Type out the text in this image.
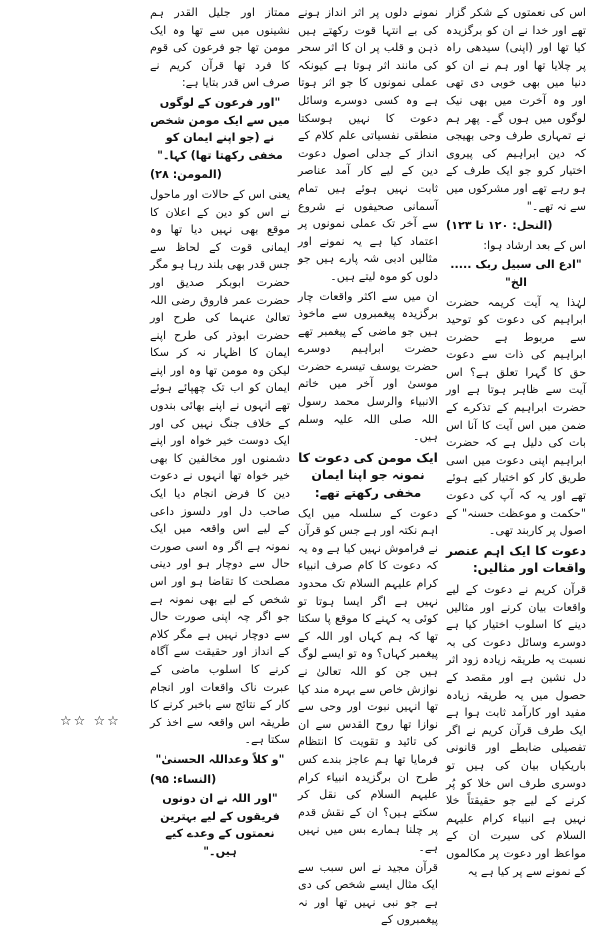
اس کی نعمتوں کے شکر گزار تھے اور خدا نے ان کو برگزیدہ کیا تھا اور (اپنی) سیدھی راہ پر چلایا تھا اور ہم نے ان کو دنیا میں بھی خوبی دی تھی اور وہ آخرت میں بھی نیک لوگوں میں ہوں گے۔ پھر ہم نے تمہاری طرف وحی بھیجی کہ دین ابراہیم کی پیروی اختیار کرو جو ایک طرف کے ہو رہے تھے اور مشرکوں میں سے نہ تھے۔"

(النحل: ۱۲۰ تا ۱۲۳)

اس کے بعد ارشاد ہوا:

"ادع الی سبیل ربک ..... الخ"

لہٰذا یہ آیت کریمہ حضرت ابراہیم کی دعوت کو توحید سے مربوط ہے حضرت ابراہیم کی ذات سے دعوت حق کا گہرا تعلق ہے؟ اس آیت سے ظاہر ہوتا ہے اور حضرت ابراہیم کے تذکرے کے ضمن میں اس آیت کا آنا اس بات کی دلیل ہے کہ حضرت ابراہیم اپنی دعوت میں اسی طریق کار کو اختیار کیے ہوئے تھے اور یہ کہ آپ کی دعوت "حکمت و موعظت حسنہ" کے اصول پر کاربند تھی۔

دعوت کا ایک اہم عنصر واقعات اور مثالیں:

قرآن کریم نے دعوت کے لیے واقعات بیان کرنے اور مثالیں دینے کا اسلوب اختیار کیا ہے دوسرے وسائل دعوت کی بہ نسبت یہ طریقہ زیادہ زود اثر دل نشین ہے اور مقصد کے حصول میں یہ طریقہ زیادہ مفید اور کارآمد ثابت ہوا ہے ایک طرف قرآن کریم نے اگر تفصیلی ضابطے اور قانونی باریکیاں بیان کی ہیں تو دوسری طرف اس خلا کو پُر کرنے کے لیے جو حقیقتاً خلا نہیں ہے انبیاء کرام علیہم السلام کی سیرت ان کے مواعظ اور دعوت پر مکالموں کے نمونے سے پر کیا ہے یہ

نمونے دلوں پر اثر انداز ہونے کی بے انتہا قوت رکھتے ہیں ذہن و قلب پر ان کا اثر سحر کی مانند اثر ہوتا ہے کیونکہ عملی نمونوں کا جو اثر ہوتا ہے وہ کسی دوسرے وسائل دعوت کا نہیں ہوسکتا منطقی نفسیاتی علم کلام کے انداز کے جدلی اصول دعوت دین کے لیے کار آمد عناصر ثابت نہیں ہوئے ہیں تمام آسمانی صحیفوں نے شروع سے آخر تک عملی نمونوں پر اعتماد کیا ہے یہ نمونے اور مثالیں ادبی شہ پارے ہیں جو دلوں کو موہ لیتے ہیں۔

ان میں سے اکثر واقعات چار برگزیدہ پیغمبروں سے ماخوذ ہیں جو ماضی کے پیغمبر تھے حضرت ابراہیم دوسرے حضرت یوسف تیسرے حضرت موسیٰ اور آخر میں خاتم الانبیاء والرسل محمد رسول اللہ صلی اللہ علیہ وسلم ہیں۔

ایک مومن کی دعوت کا نمونہ جو اپنا ایمان مخفی رکھتے تھے:

دعوت کے سلسلہ میں ایک اہم نکتہ اور ہے جس کو قرآن نے فراموش نہیں کیا ہے وہ یہ کہ دعوت کا کام صرف انبیاء کرام علیہم السلام تک محدود نہیں ہے اگر ایسا ہوتا تو کوئی یہ کہنے کا موقع پا سکتا تھا کہ ہم کہاں اور اللہ کے پیغمبر کہاں؟ وہ تو ایسے لوگ ہیں جن کو اللہ تعالیٰ نے نوازش خاص سے بہرہ مند کیا تھا انہیں نبوت اور وحی سے نوازا تھا روح القدس سے ان کی تائید و تقویت کا انتظام فرمایا تھا ہم عاجز بندے کس طرح ان برگزیدہ انبیاء کرام علیہم السلام کی نقل کر سکتے ہیں؟ ان کے نقش قدم پر چلنا ہمارے بس میں نہیں ہے۔

قرآن مجید نے اس سبب سے ایک مثال ایسے شخص کی دی ہے جو نبی نہیں تھا اور نہ پیغمبروں کے

ممتاز اور جلیل القدر ہم نشینوں میں سے تھا وہ ایک مومن تھا جو فرعون کی قوم کا فرد تھا قرآن کریم نے صرف اس قدر بتایا ہے:

"اور فرعون کے لوگوں میں سے ایک مومن شخص نے (جو اپنے ایمان کو مخفی رکھتا تھا) کہا۔"

(المومن: ۲۸)

یعنی اس کے حالات اور ماحول نے اس کو دین کے اعلان کا موقع بھی نہیں دیا تھا وہ ایمانی قوت کے لحاظ سے جس قدر بھی بلند رہا ہو مگر حضرت ابوبکر صدیق اور حضرت عمر فاروق رضی اللہ تعالیٰ عنہما کی طرح اور حضرت ابوذر کی طرح اپنے ایمان کا اظہار نہ کر سکا لیکن وہ مومن تھا وہ اور اپنے ایمان کو اب تک چھپائے ہوئے تھے انہوں نے اپنے بھائی بندوں کے خلاف جنگ نہیں کی اور ایک دوست خیر خواہ اور اپنے دشمنوں اور مخالفین کا بھی خیر خواہ تھا انہوں نے دعوت دین کا فرض انجام دیا ایک صاحب دل اور دلسوز داعی کے لیے اس واقعہ میں ایک نمونہ ہے اگر وہ اسی صورت حال سے دوچار ہو اور دینی مصلحت کا تقاضا ہو اور اس شخص کے لیے بھی نمونہ ہے جو اگر چہ اپنی صورت حال سے دوچار نہیں ہے مگر کلام کے انداز اور حقیقت سے آگاہ کرنے کا اسلوب ماضی کے عبرت ناک واقعات اور انجام کار کے نتائج سے باخبر کرنے کا طریقہ اس واقعہ سے اخذ کر سکتا ہے۔

"و کلاً وعداللہ الحسنیٰ"

(النساء: ۹۵)

"اور اللہ نے ان دونوں فریقوں کے لیے بہترین نعمتوں کے وعدے کیے ہیں۔"

☆☆ ☆☆
